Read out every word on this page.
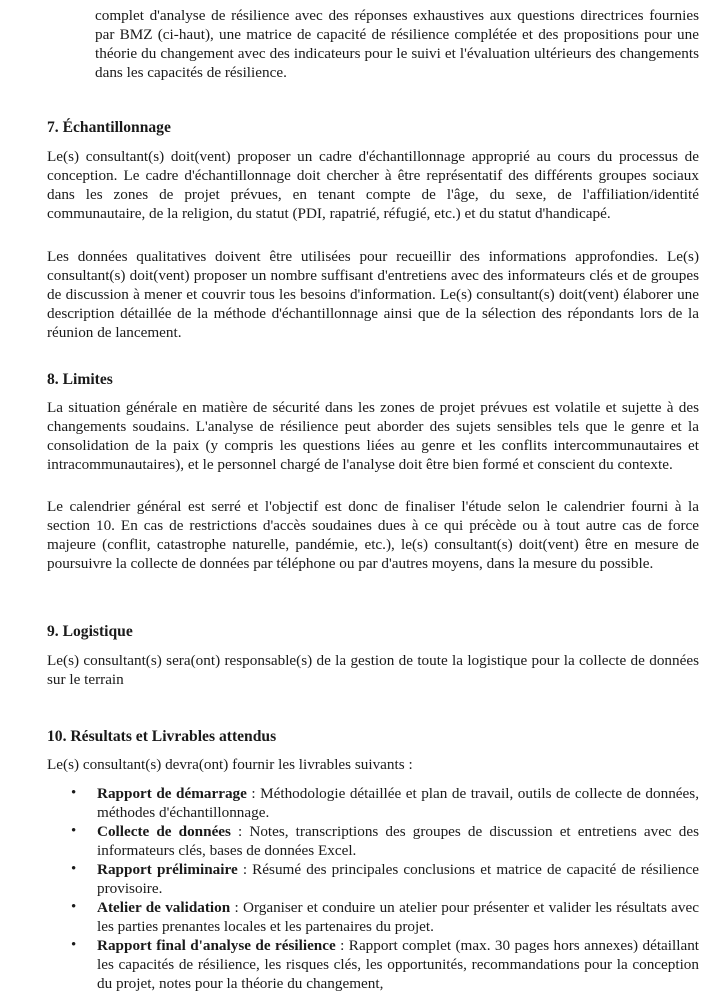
complet d'analyse de résilience avec des réponses exhaustives aux questions directrices fournies par BMZ (ci-haut), une matrice de capacité de résilience complétée et des propositions pour une théorie du changement avec des indicateurs pour le suivi et l'évaluation ultérieurs des changements dans les capacités de résilience.

7. Échantillonnage

Le(s) consultant(s) doit(vent) proposer un cadre d'échantillonnage approprié au cours du processus de conception. Le cadre d'échantillonnage doit chercher à être représentatif des différents groupes sociaux dans les zones de projet prévues, en tenant compte de l'âge, du sexe, de l'affiliation/identité communautaire, de la religion, du statut (PDI, rapatrié, réfugié, etc.) et du statut d'handicapé.

Les données qualitatives doivent être utilisées pour recueillir des informations approfondies. Le(s) consultant(s) doit(vent) proposer un nombre suffisant d'entretiens avec des informateurs clés et de groupes de discussion à mener et couvrir tous les besoins d'information. Le(s) consultant(s) doit(vent) élaborer une description détaillée de la méthode d'échantillonnage ainsi que de la sélection des répondants lors de la réunion de lancement.

8. Limites

La situation générale en matière de sécurité dans les zones de projet prévues est volatile et sujette à des changements soudains. L'analyse de résilience peut aborder des sujets sensibles tels que le genre et la consolidation de la paix (y compris les questions liées au genre et les conflits intercommunautaires et intracommunautaires), et le personnel chargé de l'analyse doit être bien formé et conscient du contexte.

Le calendrier général est serré et l'objectif est donc de finaliser l'étude selon le calendrier fourni à la section 10. En cas de restrictions d'accès soudaines dues à ce qui précède ou à tout autre cas de force majeure (conflit, catastrophe naturelle, pandémie, etc.), le(s) consultant(s) doit(vent) être en mesure de poursuivre la collecte de données par téléphone ou par d'autres moyens, dans la mesure du possible.

9. Logistique

Le(s) consultant(s) sera(ont) responsable(s) de la gestion de toute la logistique pour la collecte de données sur le terrain

10. Résultats et Livrables attendus

Le(s) consultant(s) devra(ont) fournir les livrables suivants :

• Rapport de démarrage : Méthodologie détaillée et plan de travail, outils de collecte de données, méthodes d'échantillonnage.
• Collecte de données : Notes, transcriptions des groupes de discussion et entretiens avec des informateurs clés, bases de données Excel.
• Rapport préliminaire : Résumé des principales conclusions et matrice de capacité de résilience provisoire.
• Atelier de validation : Organiser et conduire un atelier pour présenter et valider les résultats avec les parties prenantes locales et les partenaires du projet.
• Rapport final d'analyse de résilience : Rapport complet (max. 30 pages hors annexes) détaillant les capacités de résilience, les risques clés, les opportunités, recommandations pour la conception du projet, notes pour la théorie du changement,
